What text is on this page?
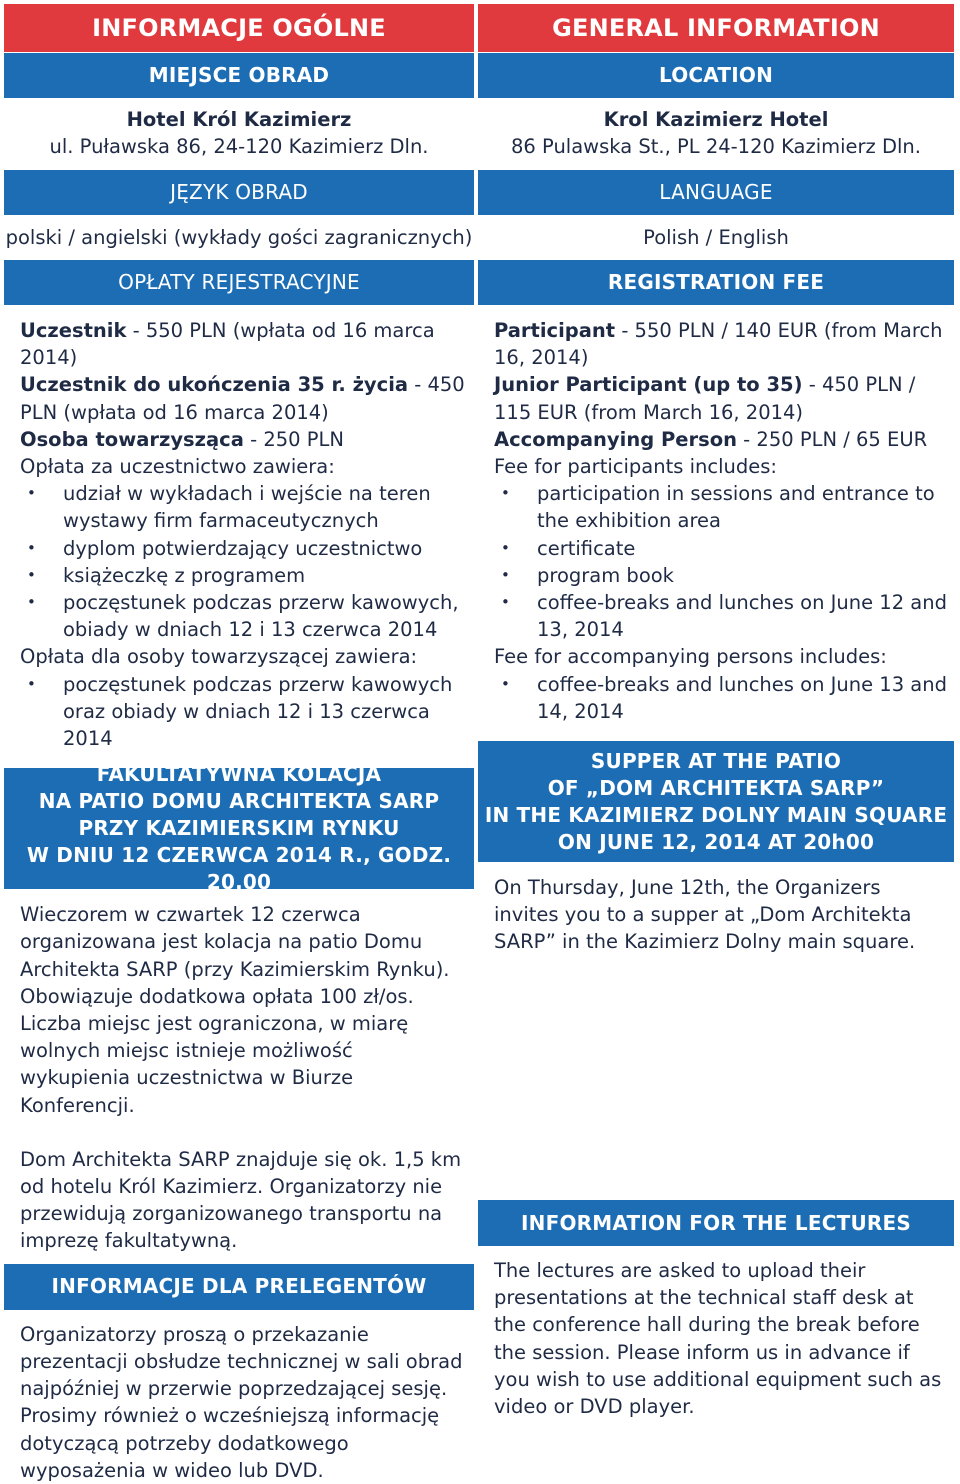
INFORMACJE OGÓLNE
MIEJSCE OBRAD
Hotel Król Kazimierz
ul. Puławska 86, 24-120 Kazimierz Dln.
JĘZYK OBRAD
polski / angielski (wykłady gości zagranicznych)
OPŁATY REJESTRACYJNE
Uczestnik - 550 PLN (wpłata od 16 marca 2014)
Uczestnik do ukończenia 35 r. życia - 450 PLN (wpłata od 16 marca 2014)
Osoba towarzysząca - 250 PLN
Opłata za uczestnictwo zawiera:
• udział w wykładach i wejście na teren wystawy firm farmaceutycznych
• dyplom potwierdzający uczestnictwo
• książeczkę z programem
• poczęstunek podczas przerw kawowych, obiady w dniach 12 i 13 czerwca 2014
Opłata dla osoby towarzyszącej zawiera:
• poczęstunek podczas przerw kawowych oraz obiady w dniach 12 i 13 czerwca 2014
FAKULTATYWNA KOLACJA
NA PATIO DOMU ARCHITEKTA SARP
PRZY KAZIMIERSKIM RYNKU
W DNIU 12 CZERWCA 2014 R., GODZ. 20.00
Wieczorem w czwartek 12 czerwca organizowana jest kolacja na patio Domu Architekta SARP (przy Kazimierskim Rynku). Obowiązuje dodatkowa opłata 100 zł/os. Liczba miejsc jest ograniczona, w miarę wolnych miejsc istnieje możliwość wykupienia uczestnictwa w Biurze Konferencji.
Dom Architekta SARP znajduje się ok. 1,5 km od hotelu Król Kazimierz. Organizatorzy nie przewidują zorganizowanego transportu na imprezę fakultatywną.
INFORMACJE DLA PRELEGENTÓW
Organizatorzy proszą o przekazanie prezentacji obsłudze technicznej w sali obrad najpóźniej w przerwie poprzedzającej sesję.
Prosimy również o wcześniejszą informację dotyczącą potrzeby dodatkowego wyposażenia w wideo lub DVD.
GENERAL INFORMATION
LOCATION
Krol Kazimierz Hotel
86 Pulawska St., PL 24-120 Kazimierz Dln.
LANGUAGE
Polish / English
REGISTRATION FEE
Participant - 550 PLN / 140 EUR (from March 16, 2014)
Junior Participant (up to 35) - 450 PLN / 115 EUR (from March 16, 2014)
Accompanying Person - 250 PLN / 65 EUR
Fee for participants includes:
• participation in sessions and entrance to the exhibition area
• certificate
• program book
• coffee-breaks and lunches on June 12 and 13, 2014
Fee for accompanying persons includes:
• coffee-breaks and lunches on June 13 and 14, 2014
SUPPER AT THE PATIO
OF „DOM ARCHITEKTA SARP”
IN THE KAZIMIERZ DOLNY MAIN SQUARE
ON JUNE 12, 2014 AT 20h00
On Thursday, June 12th, the Organizers invites you to a supper at „Dom Architekta SARP” in the Kazimierz Dolny main square.
INFORMATION FOR THE LECTURES
The lectures are asked to upload their presentations at the technical staff desk at the conference hall during the break before the session. Please inform us in advance if you wish to use additional equipment such as video or DVD player.
